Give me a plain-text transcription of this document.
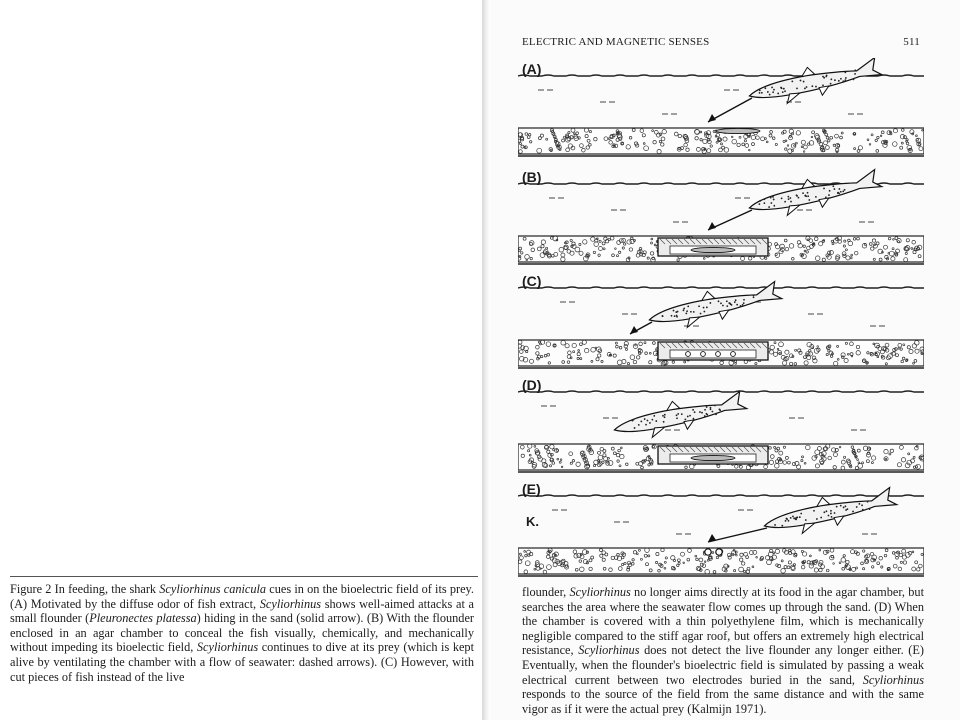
Figure 2 In feeding, the shark Scyliorhinus canicula cues in on the bioelectric field of its prey. (A) Motivated by the diffuse odor of fish extract, Scyliorhinus shows well-aimed attacks at a small flounder (Pleuronectes platessa) hiding in the sand (solid arrow). (B) With the flounder enclosed in an agar chamber to conceal the fish visually, chemically, and mechanically without impeding its bioelectic field, Scyliorhinus continues to dive at its prey (which is kept alive by ventilating the chamber with a flow of seawater: dashed arrows). (C) However, with cut pieces of fish instead of the live
ELECTRIC AND MAGNETIC SENSES	511
(A)
(B)
(C)
(D)
(E)
K.
flounder, Scyliorhinus no longer aims directly at its food in the agar chamber, but searches the area where the seawater flow comes up through the sand. (D) When the chamber is covered with a thin polyethylene film, which is mechanically negligible compared to the stiff agar roof, but offers an extremely high electrical resistance, Scyliorhinus does not detect the live flounder any longer either. (E) Eventually, when the flounder's bioelectric field is simulated by passing a weak electrical current between two electrodes buried in the sand, Scyliorhinus responds to the source of the field from the same distance and with the same vigor as if it were the actual prey (Kalmijn 1971).
